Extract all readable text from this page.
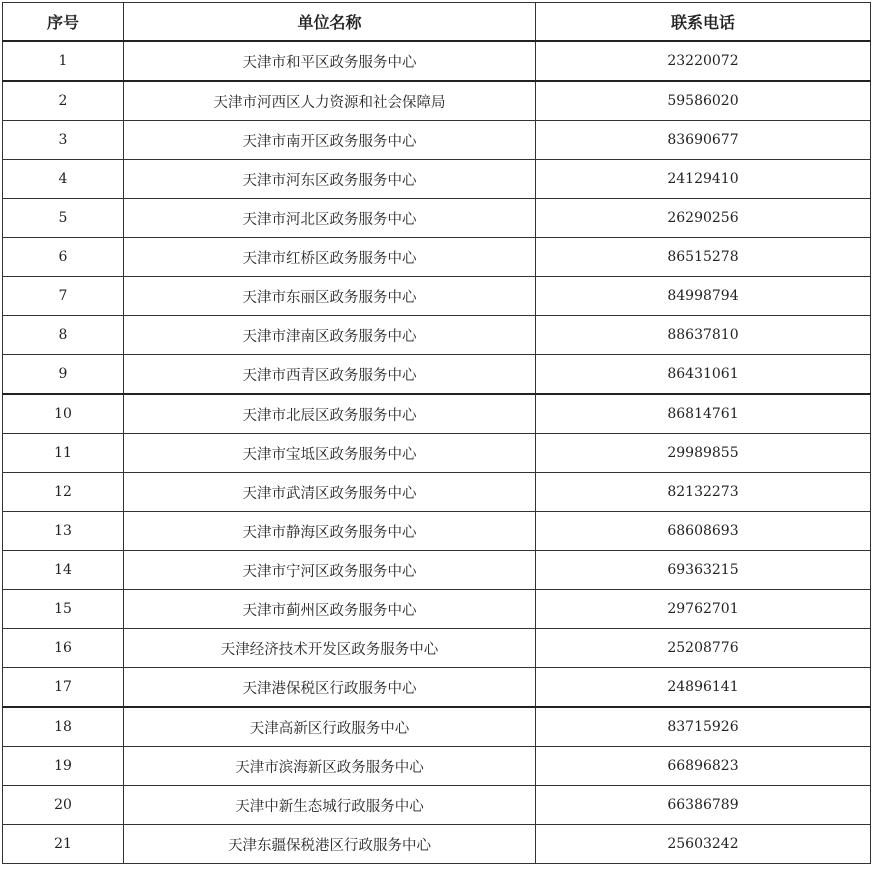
序号	单位名称	联系电话
1	天津市和平区政务服务中心	23220072
2	天津市河西区人力资源和社会保障局	59586020
3	天津市南开区政务服务中心	83690677
4	天津市河东区政务服务中心	24129410
5	天津市河北区政务服务中心	26290256
6	天津市红桥区政务服务中心	86515278
7	天津市东丽区政务服务中心	84998794
8	天津市津南区政务服务中心	88637810
9	天津市西青区政务服务中心	86431061
10	天津市北辰区政务服务中心	86814761
11	天津市宝坻区政务服务中心	29989855
12	天津市武清区政务服务中心	82132273
13	天津市静海区政务服务中心	68608693
14	天津市宁河区政务服务中心	69363215
15	天津市蓟州区政务服务中心	29762701
16	天津经济技术开发区政务服务中心	25208776
17	天津港保税区行政服务中心	24896141
18	天津高新区行政服务中心	83715926
19	天津市滨海新区政务服务中心	66896823
20	天津中新生态城行政服务中心	66386789
21	天津东疆保税港区行政服务中心	25603242
